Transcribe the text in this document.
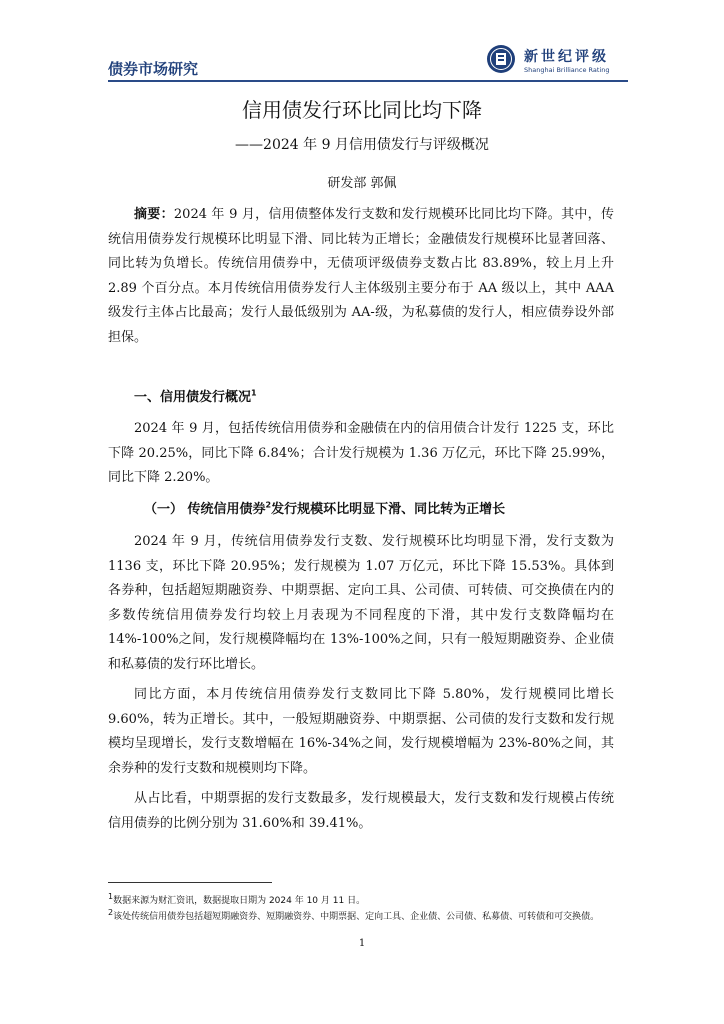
债券市场研究
新世纪评级
Shanghai Brilliance Rating
信用债发行环比同比均下降
——2024 年 9 月信用债发行与评级概况
研发部 郭佩

摘要：2024 年 9 月，信用债整体发行支数和发行规模环比同比均下降。其中，传统信用债券发行规模环比明显下滑、同比转为正增长；金融债发行规模环比显著回落、同比转为负增长。传统信用债券中，无债项评级债券支数占比 83.89%，较上月上升 2.89 个百分点。本月传统信用债券发行人主体级别主要分布于 AA 级以上，其中 AAA 级发行主体占比最高；发行人最低级别为 AA-级，为私募债的发行人，相应债券设外部担保。

一、信用债发行概况$^1$

2024 年 9 月，包括传统信用债券和金融债在内的信用债合计发行 1225 支，环比下降 20.25%，同比下降 6.84%；合计发行规模为 1.36 万亿元，环比下降 25.99%，同比下降 2.20%。

（一） 传统信用债券$^2$发行规模环比明显下滑、同比转为正增长

2024 年 9 月，传统信用债券发行支数、发行规模环比均明显下滑，发行支数为 1136 支，环比下降 20.95%；发行规模为 1.07 万亿元，环比下降 15.53%。具体到各券种，包括超短期融资券、中期票据、定向工具、公司债、可转债、可交换债在内的多数传统信用债券发行均较上月表现为不同程度的下滑，其中发行支数降幅均在 14%-100%之间，发行规模降幅均在 13%-100%之间，只有一般短期融资券、企业债和私募债的发行环比增长。

同比方面，本月传统信用债券发行支数同比下降 5.80%，发行规模同比增长 9.60%，转为正增长。其中，一般短期融资券、中期票据、公司债的发行支数和发行规模均呈现增长，发行支数增幅在 16%-34%之间，发行规模增幅为 23%-80%之间，其余券种的发行支数和规模则均下降。

从占比看，中期票据的发行支数最多，发行规模最大，发行支数和发行规模占传统信用债券的比例分别为 31.60%和 39.41%。

$^1$数据来源为财汇资讯，数据提取日期为 2024 年 10 月 11 日。

$^2$该处传统信用债券包括超短期融资券、短期融资券、中期票据、定向工具、企业债、公司债、私募债、可转债和可交换债。

1
